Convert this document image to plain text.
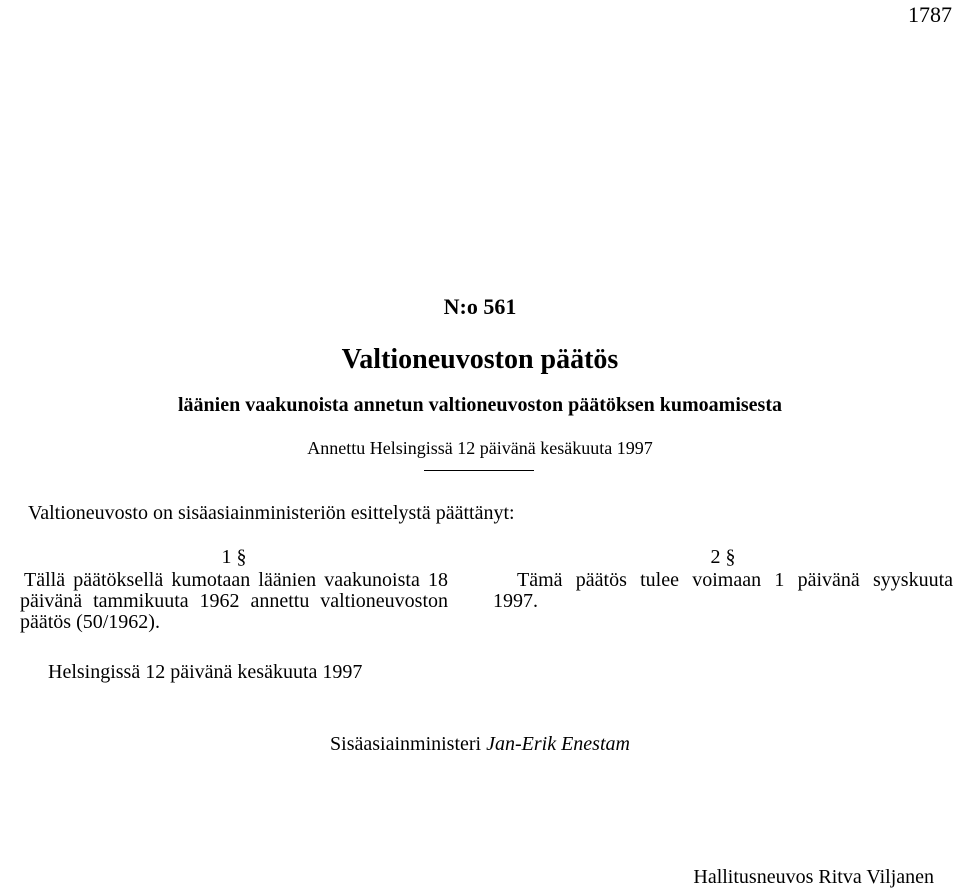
1787
N:o 561
Valtioneuvoston päätös
läänien vaakunoista annetun valtioneuvoston päätöksen kumoamisesta
Annettu Helsingissä 12 päivänä kesäkuuta 1997
Valtioneuvosto on sisäasiainministeriön esittelystä päättänyt:
1 §
Tällä päätöksellä kumotaan läänien vaakunoista 18 päivänä tammikuuta 1962 annettu valtioneuvoston päätös (50/1962).
2 §
Tämä päätös tulee voimaan 1 päivänä syyskuuta 1997.
Helsingissä 12 päivänä kesäkuuta 1997
Sisäasiainministeri Jan-Erik Enestam
Hallitusneuvos Ritva Viljanen
